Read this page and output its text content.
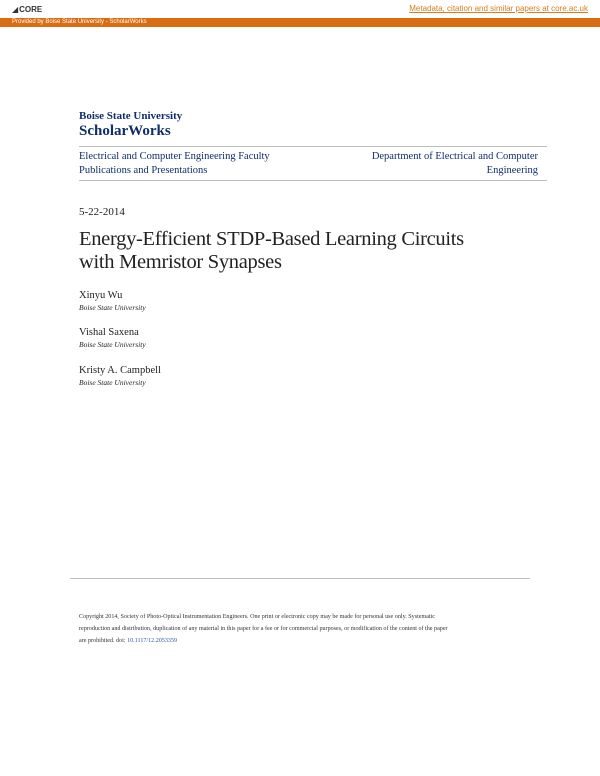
◢ CORE	Metadata, citation and similar papers at core.ac.uk
Provided by Boise State University - ScholarWorks
Boise State University
ScholarWorks
Electrical and Computer Engineering Faculty
Publications and Presentations
Department of Electrical and Computer
Engineering
5-22-2014
Energy-Efficient STDP-Based Learning Circuits
with Memristor Synapses
Xinyu Wu
Boise State University
Vishal Saxena
Boise State University
Kristy A. Campbell
Boise State University
Copyright 2014, Society of Photo-Optical Instrumentation Engineers. One print or electronic copy may be made for personal use only. Systematic
reproduction and distribution, duplication of any material in this paper for a fee or for commercial purposes, or modification of the content of the paper
are prohibited. doi: 10.1117/12.2053359
